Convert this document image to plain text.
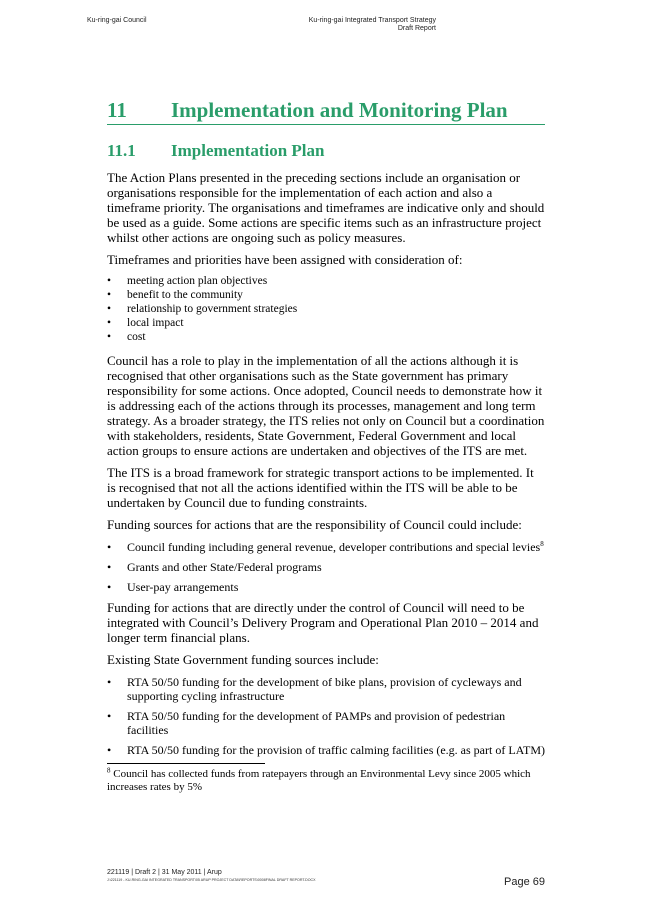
Ku-ring-gai Council	Ku-ring-gai Integrated Transport Strategy
Draft Report
11	Implementation and Monitoring Plan
11.1	Implementation Plan

The Action Plans presented in the preceding sections include an organisation or organisations responsible for the implementation of each action and also a timeframe priority. The organisations and timeframes are indicative only and should be used as a guide. Some actions are specific items such as an infrastructure project whilst other actions are ongoing such as policy measures.

Timeframes and priorities have been assigned with consideration of:

• meeting action plan objectives
• benefit to the community
• relationship to government strategies
• local impact
• cost

Council has a role to play in the implementation of all the actions although it is recognised that other organisations such as the State government has primary responsibility for some actions. Once adopted, Council needs to demonstrate how it is addressing each of the actions through its processes, management and long term strategy. As a broader strategy, the ITS relies not only on Council but a coordination with stakeholders, residents, State Government, Federal Government and local action groups to ensure actions are undertaken and objectives of the ITS are met.

The ITS is a broad framework for strategic transport actions to be implemented. It is recognised that not all the actions identified within the ITS will be able to be undertaken by Council due to funding constraints.

Funding sources for actions that are the responsibility of Council could include:

• Council funding including general revenue, developer contributions and special levies$^8$
• Grants and other State/Federal programs
• User-pay arrangements

Funding for actions that are directly under the control of Council will need to be integrated with Council’s Delivery Program and Operational Plan 2010 – 2014 and longer term financial plans.

Existing State Government funding sources include:

• RTA 50/50 funding for the development of bike plans, provision of cycleways and supporting cycling infrastructure
• RTA 50/50 funding for the development of PAMPs and provision of pedestrian facilities
• RTA 50/50 funding for the provision of traffic calming facilities (e.g. as part of LATM)

$^8$ Council has collected funds from ratepayers through an Environmental Levy since 2005 which increases rates by 5%

221119 | Draft 2 | 31 May 2011 | Arup
J:\221119 - KU-RING-GAI INTEGRATED TRANSPORT\05 ARUP PROJECT DATA\REPORTS\0008FINAL DRAFT REPORT.DOCX	Page 69
